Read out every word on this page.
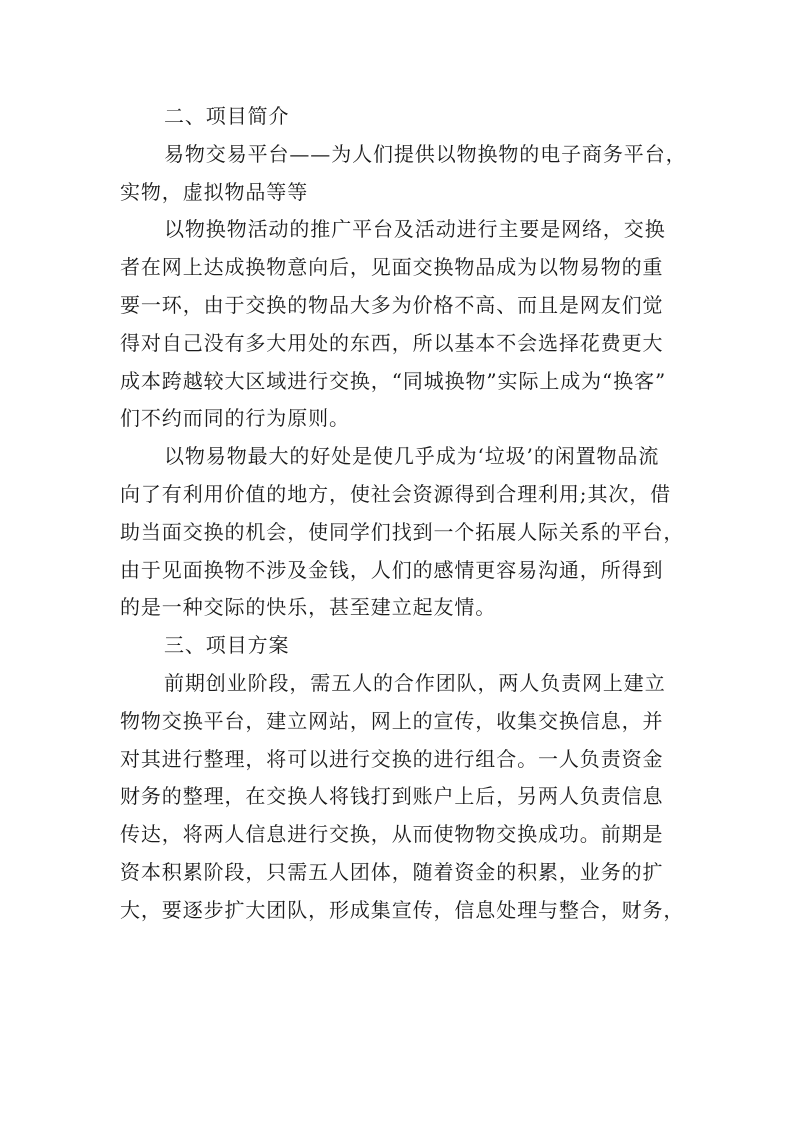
二、项目简介
易物交易平台——为人们提供以物换物的电子商务平台，
实物，虚拟物品等等
以物换物活动的推广平台及活动进行主要是网络，交换
者在网上达成换物意向后，见面交换物品成为以物易物的重
要一环，由于交换的物品大多为价格不高、而且是网友们觉
得对自己没有多大用处的东西，所以基本不会选择花费更大
成本跨越较大区域进行交换，“同城换物”实际上成为“换客”
们不约而同的行为原则。
以物易物最大的好处是使几乎成为‘垃圾’的闲置物品流
向了有利用价值的地方，使社会资源得到合理利用;其次，借
助当面交换的机会，使同学们找到一个拓展人际关系的平台，
由于见面换物不涉及金钱，人们的感情更容易沟通，所得到
的是一种交际的快乐，甚至建立起友情。
三、项目方案
前期创业阶段，需五人的合作团队，两人负责网上建立
物物交换平台，建立网站，网上的宣传，收集交换信息，并
对其进行整理，将可以进行交换的进行组合。一人负责资金
财务的整理，在交换人将钱打到账户上后，另两人负责信息
传达，将两人信息进行交换，从而使物物交换成功。前期是
资本积累阶段，只需五人团体，随着资金的积累，业务的扩
大，要逐步扩大团队，形成集宣传，信息处理与整合，财务，
